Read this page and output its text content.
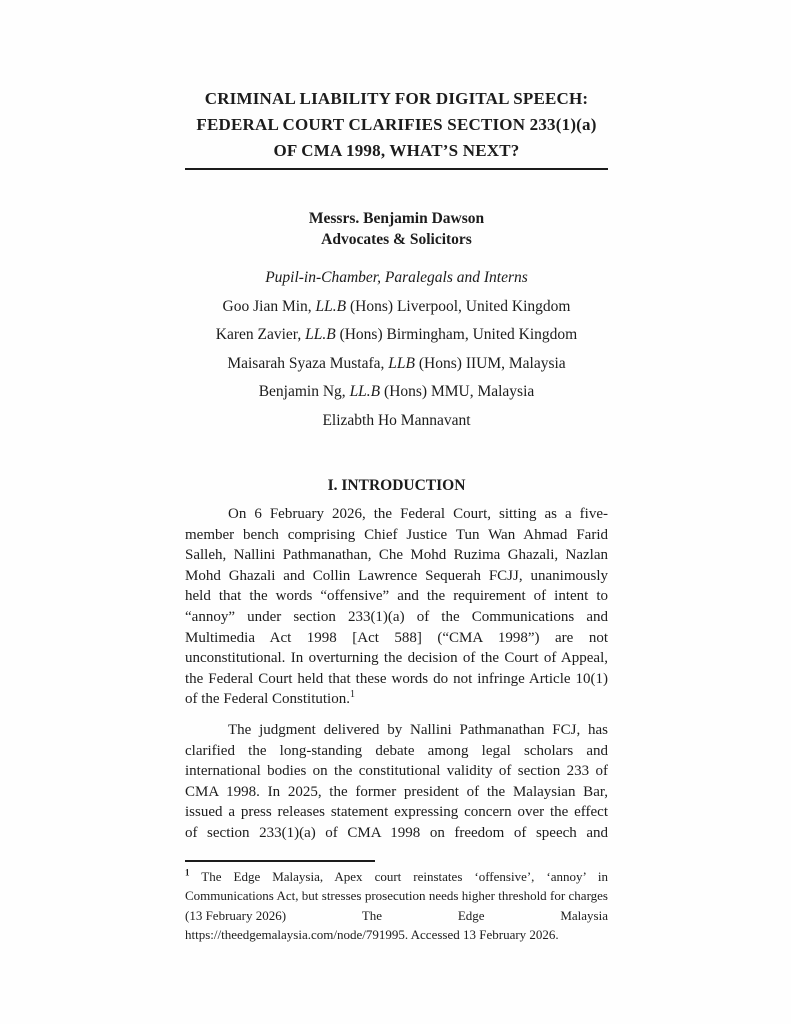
CRIMINAL LIABILITY FOR DIGITAL SPEECH:
FEDERAL COURT CLARIFIES SECTION 233(1)(a)
OF CMA 1998, WHAT’S NEXT?
Messrs. Benjamin Dawson
Advocates & Solicitors
Pupil-in-Chamber, Paralegals and Interns
Goo Jian Min, LL.B (Hons) Liverpool, United Kingdom
Karen Zavier, LL.B (Hons) Birmingham, United Kingdom
Maisarah Syaza Mustafa, LLB (Hons) IIUM, Malaysia
Benjamin Ng, LL.B (Hons) MMU, Malaysia
Elizabth Ho Mannavant
I. INTRODUCTION
On 6 February 2026, the Federal Court, sitting as a five-
member bench comprising Chief Justice Tun Wan Ahmad Farid
Salleh, Nallini Pathmanathan, Che Mohd Ruzima Ghazali, Nazlan
Mohd Ghazali and Collin Lawrence Sequerah FCJJ, unanimously
held that the words “offensive” and the requirement of intent to
“annoy” under section 233(1)(a) of the Communications and
Multimedia Act 1998 [Act 588] (“CMA 1998”) are not
unconstitutional. In overturning the decision of the Court of Appeal,
the Federal Court held that these words do not infringe Article 10(1)
of the Federal Constitution.$^1$
The judgment delivered by Nallini Pathmanathan FCJ, has
clarified the long-standing debate among legal scholars and
international bodies on the constitutional validity of section 233 of
CMA 1998. In 2025, the former president of the Malaysian Bar,
issued a press releases statement expressing concern over the effect
of section 233(1)(a) of CMA 1998 on freedom of speech and
$^1$ The Edge Malaysia, Apex court reinstates ‘offensive’, ‘annoy’ in
Communications Act, but stresses prosecution needs higher threshold for charges
(13 February 2026)	The	Edge	Malaysia
https://theedgemalaysia.com/node/791995. Accessed 13 February 2026.
